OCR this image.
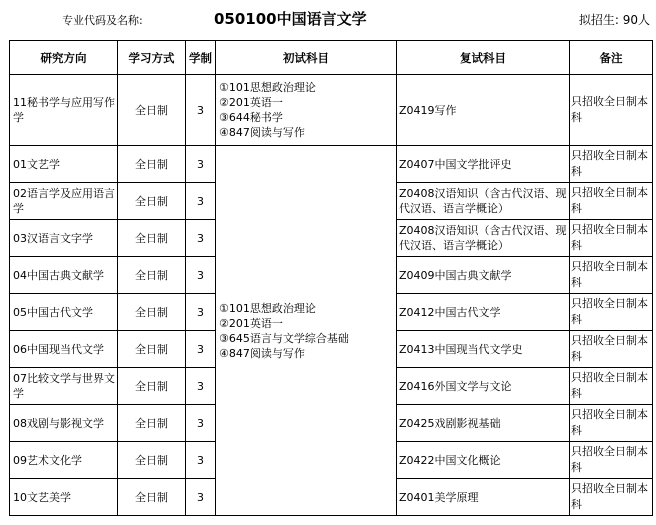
专业代码及名称:	050100中国语言文学	拟招生: 90人
研究方向	学习方式	学制	初试科目	复试科目	备注
11秘书学与应用写作学	全日制	3	①101思想政治理论
②201英语一
③644秘书学
④847阅读与写作	Z0419写作	只招收全日制本科
01文艺学	全日制	3	①101思想政治理论
②201英语一
③645语言与文学综合基础
④847阅读与写作	Z0407中国文学批评史	只招收全日制本科
02语言学及应用语言学	全日制	3		Z0408汉语知识（含古代汉语、现代汉语、语言学概论）	只招收全日制本科
03汉语言文字学	全日制	3		Z0408汉语知识（含古代汉语、现代汉语、语言学概论）	只招收全日制本科
04中国古典文献学	全日制	3		Z0409中国古典文献学	只招收全日制本科
05中国古代文学	全日制	3		Z0412中国古代文学	只招收全日制本科
06中国现当代文学	全日制	3		Z0413中国现当代文学史	只招收全日制本科
07比较文学与世界文学	全日制	3		Z0416外国文学与文论	只招收全日制本科
08戏剧与影视文学	全日制	3		Z0425戏剧影视基础	只招收全日制本科
09艺术文化学	全日制	3		Z0422中国文化概论	只招收全日制本科
10文艺美学	全日制	3		Z0401美学原理	只招收全日制本科
